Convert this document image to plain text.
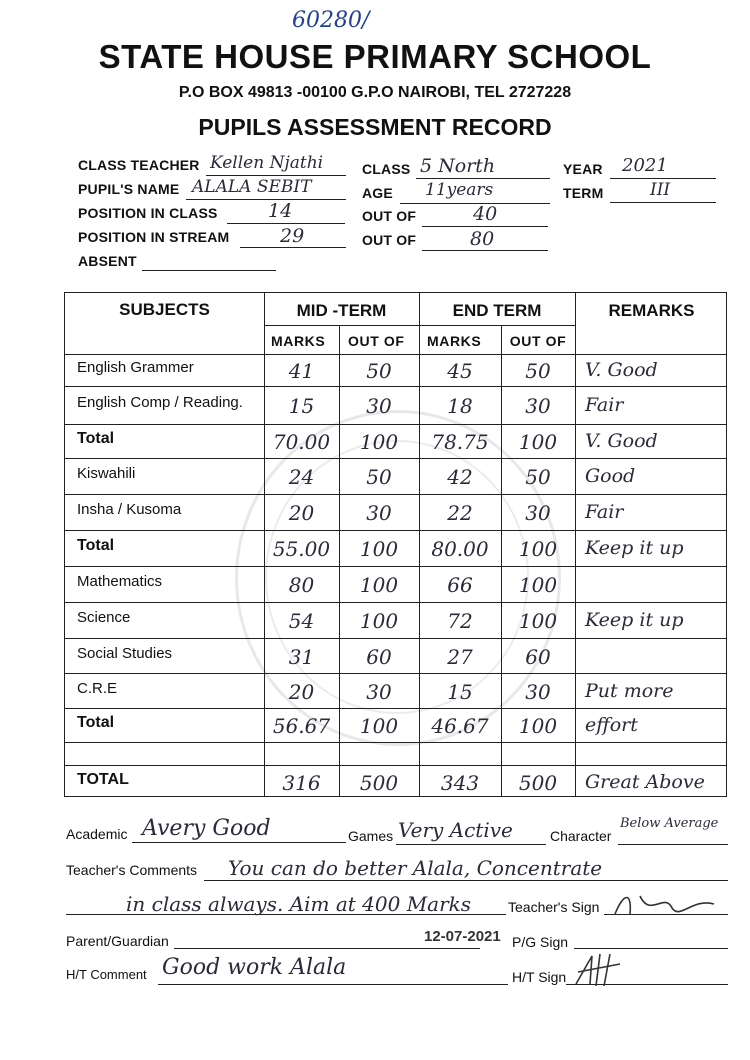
60280/
STATE HOUSE PRIMARY SCHOOL
P.O BOX 49813 -00100 G.P.O NAIROBI, TEL 2727228
PUPILS ASSESSMENT RECORD
CLASS TEACHER Kellen Njathi
PUPIL'S NAME ALALA SEBIT
POSITION IN CLASS	14
POSITION IN STREAM	29
ABSENT
CLASS 5 North
AGE 11years
OUT OF	40
OUT OF	80
YEAR 2021
TERM	III
SUBJECTS	MID -TERM	END TERM	REMARKS
MARKS OUT OF MARKS	OUT OF
English Grammer	41	50	45	50	V. Good
English Comp / Reading.	15	30	18	30	Fair
Total	70.00	100	78.75	100	V. Good
Kiswahili	24	50	42	50	Good
Insha / Kusoma	20	30	22	30	Fair
Total	55.00	100	80.00	100	Keep it up
Mathematics	80	100	66	100
Science	54	100	72	100	Keep it up
Social Studies	31	60	27	60
C.R.E	20	30	15	30	Put more
Total	56.67	100	46.67	100	effort
TOTAL	316	500	343	500	Great Above
Academic Avery Good	Games Very Active	Character
Below Average
Teacher's Comments You can do better Alala, Concentrate
in class always. Aim at 400 Marks	Teacher's Sign
Parent/Guardian	12-07-2021 P/G Sign
H/T Comment Good work Alala	H/T Sign
